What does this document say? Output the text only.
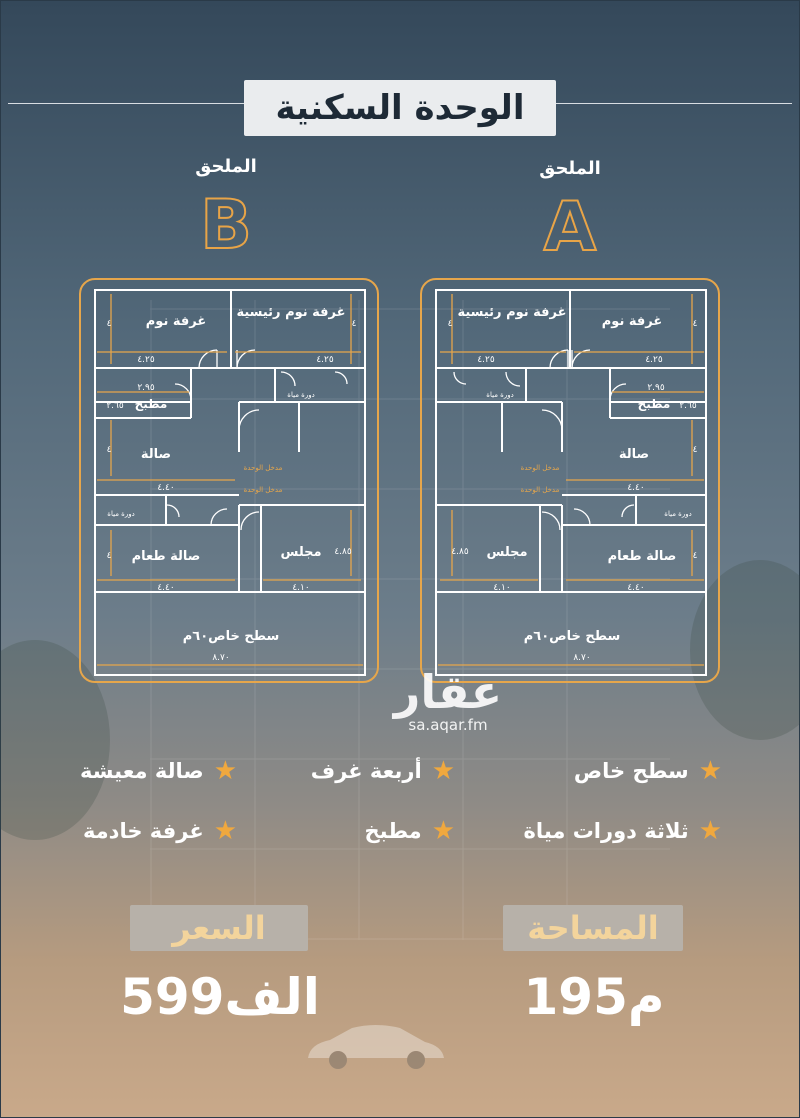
الوحدة السكنية
الملحق
B
الملحق
A
غرفة نوم
غرفة نوم رئيسية
مطبخ
صالة
صالة طعام	مجلس
سطح خاص٦٠م
دورة مياة
دورة مياة
مدخل الوحدة
مدخل الوحدة
٤.٢٥	٤.٢٥
٢.٩٥
٢.٦٥
٤.٤٠
٤.٤٠	٤.١٠
٤.٨٥
٨.٧٠
٤	٤
٤
٤
غرفة نوم
غرفة نوم رئيسية
مطبخ
صالة
صالة طعام
مجلس
سطح خاص٦٠م
دورة مياة
دورة مياة
مدخل الوحدة
مدخل الوحدة
٤.٢٥	٤.٢٥
٢.٩٥
٢.٦٥
٤.٤٠
٤.٤٠
٤.١٠
٤.٨٥
٨.٧٠
٤	٤
٤
٤
عقار
sa.aqar.fm
★
سطح خاص
★
أربعة غرف
★
صالة معيشة
★
ثلاثة دورات مياة
★
مطبخ
★
غرفة خادمة
السعر	المساحة
599الف	195م
